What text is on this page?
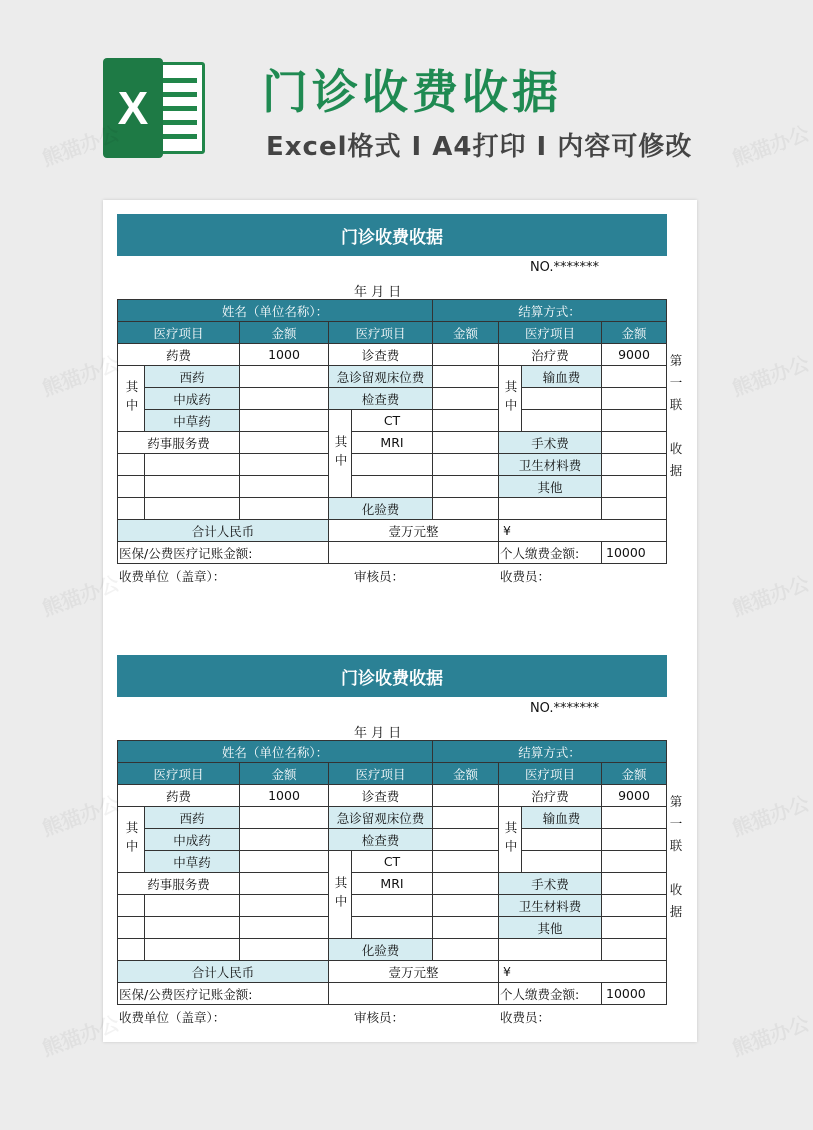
X	门诊收费收据
Excel格式 I A4打印 I 内容可修改
门诊收费收据
NO.*******
年 月 日
姓名（单位名称）：					结算方式：			
医疗项目		金额	医疗项目		金额	医疗项目		金额
药费		1000	诊查费			治疗费		9000
其中	西药		急诊留观床位费			其中	输血费	
	中成药		检查费					
	中草药		其中	CT				
药事服务费				MRI		手术费		
						卫生材料费		
						其他		
			化验费					
合计人民币			壹万元整			¥		
医保/公费医疗记账金额:						个人缴费金额:		10000
收费单位（盖章）：	审核员：	收费员：
第
一
联
收
据
门诊收费收据
NO.*******
年 月 日
姓名（单位名称）：					结算方式：			
医疗项目		金额	医疗项目		金额	医疗项目		金额
药费		1000	诊查费			治疗费		9000
其中	西药		急诊留观床位费			其中	输血费	
	中成药		检查费					
	中草药		其中	CT				
药事服务费				MRI		手术费		
						卫生材料费		
						其他		
			化验费					
合计人民币			壹万元整			¥		
医保/公费医疗记账金额:						个人缴费金额:		10000
收费单位（盖章）：	审核员：	收费员：
第
一
联
收
据
熊猫办公	熊猫办公
熊猫办公	熊猫办公
熊猫办公	熊猫办公
熊猫办公	熊猫办公
熊猫办公	熊猫办公
